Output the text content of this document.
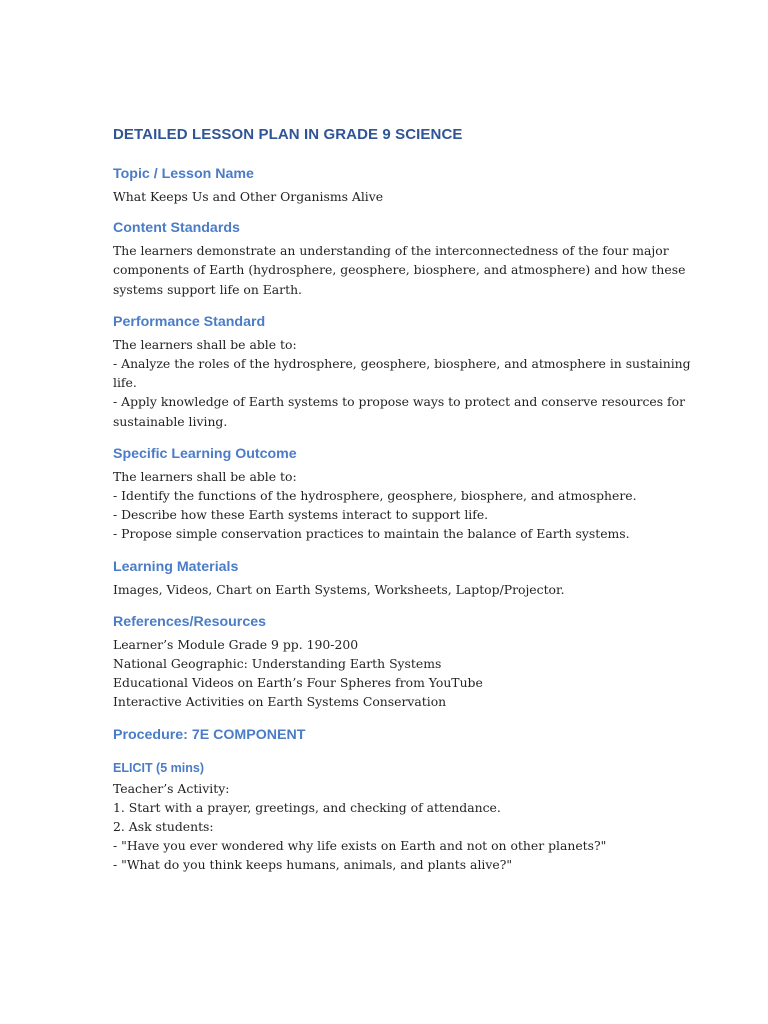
DETAILED LESSON PLAN IN GRADE 9 SCIENCE
Topic / Lesson Name

What Keeps Us and Other Organisms Alive

Content Standards

The learners demonstrate an understanding of the interconnectedness of the four major
components of Earth (hydrosphere, geosphere, biosphere, and atmosphere) and how these
systems support life on Earth.

Performance Standard

The learners shall be able to:
- Analyze the roles of the hydrosphere, geosphere, biosphere, and atmosphere in sustaining
life.
- Apply knowledge of Earth systems to propose ways to protect and conserve resources for
sustainable living.

Specific Learning Outcome

The learners shall be able to:
- Identify the functions of the hydrosphere, geosphere, biosphere, and atmosphere.
- Describe how these Earth systems interact to support life.
- Propose simple conservation practices to maintain the balance of Earth systems.

Learning Materials

Images, Videos, Chart on Earth Systems, Worksheets, Laptop/Projector.

References/Resources

Learner’s Module Grade 9 pp. 190-200
National Geographic: Understanding Earth Systems
Educational Videos on Earth’s Four Spheres from YouTube
Interactive Activities on Earth Systems Conservation

Procedure: 7E COMPONENT
ELICIT (5 mins)

Teacher’s Activity:
1. Start with a prayer, greetings, and checking of attendance.
2. Ask students:
- "Have you ever wondered why life exists on Earth and not on other planets?"
- "What do you think keeps humans, animals, and plants alive?"
